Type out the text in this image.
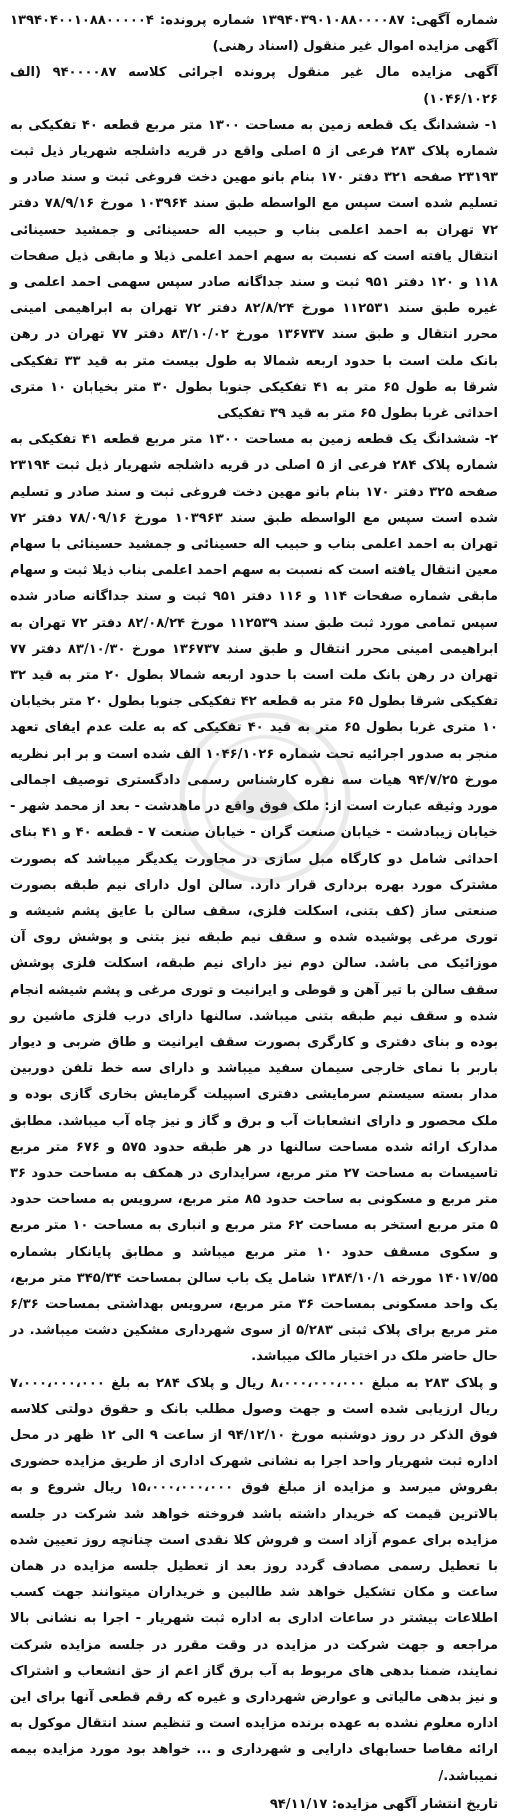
شماره آگهی: ۱۳۹۴۰۳۹۰۱۰۸۸۰۰۰۰۸۷ شماره پرونده: ۱۳۹۴۰۴۰۰۱۰۸۸۰۰۰۰۰۴ آگهی مزایده اموال غیر منقول (اسناد رهنی)
آگهی مزایده مال غیر منقول پرونده اجرائی کلاسه ۹۴۰۰۰۰۸۷ (الف ۱۰۴۶/۱۰۲۶)

۱- ششدانگ یک قطعه زمین به مساحت ۱۳۰۰ متر مربع قطعه ۴۰ تفکیکی به شماره پلاک ۲۸۳ فرعی از ۵ اصلی واقع در قریه داشلجه شهریار ذیل ثبت ۲۳۱۹۳ صفحه ۳۲۱ دفتر ۱۷۰ بنام بانو مهین دخت فروغی ثبت و سند صادر و تسلیم شده است سپس مع الواسطه طبق سند ۱۰۳۹۶۴ مورخ ۷۸/۹/۱۶ دفتر ۷۲ تهران به احمد اعلمی بناب و حبیب اله حسینائی و جمشید حسینائی انتقال یافته است که نسبت به سهم احمد اعلمی ذیلا و مابقی ذیل صفحات ۱۱۸ و ۱۲۰ دفتر ۹۵۱ ثبت و سند جداگانه صادر سپس سهمی احمد اعلمی و غیره طبق سند ۱۱۲۵۳۱ مورخ ۸۲/۸/۲۴ دفتر ۷۲ تهران به ابراهیمی امینی محرر انتقال و طبق سند ۱۳۶۷۳۷ مورخ ۸۳/۱۰/۰۲ دفتر ۷۷ تهران در رهن بانک ملت است با حدود اربعه شمالا به طول بیست متر به قید ۳۳ تفکیکی شرقا به طول ۶۵ متر به ۴۱ تفکیکی جنوبا بطول ۳۰ متر بخیابان ۱۰ متری احداثی غربا بطول ۶۵ متر به قید ۳۹ تفکیکی

۲- ششدانگ یک قطعه زمین به مساحت ۱۳۰۰ متر مربع قطعه ۴۱ تفکیکی به شماره پلاک ۲۸۴ فرعی از ۵ اصلی در قریه داشلجه شهریار ذیل ثبت ۲۳۱۹۴ صفحه ۳۲۵ دفتر ۱۷۰ بنام بانو مهین دخت فروغی ثبت و سند صادر و تسلیم شده است سپس مع الواسطه طبق سند ۱۰۳۹۶۳ مورخ ۷۸/۰۹/۱۶ دفتر ۷۲ تهران به احمد اعلمی بناب و حبیب اله حسینائی و جمشید حسینائی با سهام معین انتقال یافته است که نسبت به سهم احمد اعلمی بناب ذیلا ثبت و سهام مابقی شماره صفحات ۱۱۴ و ۱۱۶ دفتر ۹۵۱ ثبت و سند جداگانه صادر شده سپس تمامی مورد ثبت طبق سند ۱۱۲۵۳۹ مورخ ۸۲/۰۸/۲۴ دفتر ۷۲ تهران به ابراهیمی امینی محرر انتقال و طبق سند ۱۳۶۷۳۷ مورخ ۸۳/۱۰/۳۰ دفتر ۷۷ تهران در رهن بانک ملت است با حدود اربعه شمالا بطول ۲۰ متر به قید ۳۲ تفکیکی شرقا بطول ۶۵ متر به قطعه ۴۲ تفکیکی جنوبا بطول ۲۰ متر بخیابان ۱۰ متری غربا بطول ۶۵ متر به قید ۴۰ تفکیکی که به علت عدم ایفای تعهد منجر به صدور اجرائیه تحت شماره ۱۰۴۶/۱۰۲۶ الف شده است و بر ابر نظریه مورخ ۹۴/۷/۲۵ هیات سه نفره کارشناس رسمی دادگستری توصیف اجمالی مورد وثیقه عبارت است از: ملک فوق واقع در ماهدشت - بعد از محمد شهر - خیابان زیبادشت - خیابان صنعت گران - خیابان صنعت ۷ - قطعه ۴۰ و ۴۱ بنای احداثی شامل دو کارگاه مبل سازی در مجاورت یکدیگر میباشد که بصورت مشترک مورد بهره برداری قرار دارد. سالن اول دارای نیم طبقه بصورت صنعتی ساز (کف بتنی، اسکلت فلزی، سقف سالن با عایق پشم شیشه و توری مرغی پوشیده شده و سقف نیم طبقه نیز بتنی و پوشش روی آن موزائیک می باشد. سالن دوم نیز دارای نیم طبقه، اسکلت فلزی پوشش سقف سالن با تیر آهن و قوطی و ایرانیت و توری مرغی و پشم شیشه انجام شده و سقف نیم طبقه بتنی میباشد. سالنها دارای درب فلزی ماشین رو بوده و بنای دفتری و کارگری بصورت سقف ایرانیت و طاق ضربی و دیوار باربر با نمای خارجی سیمان سفید میباشد و دارای سه خط تلفن دوربین مدار بسته سیستم سرمایشی دفتری اسپیلت گرمایش بخاری گازی بوده و ملک محصور و دارای انشعابات آب و برق و گاز و نیز چاه آب میباشد. مطابق مدارک ارائه شده مساحت سالنها در هر طبقه حدود ۵۷۵ و ۶۷۶ متر مربع تاسیسات به مساحت ۲۷ متر مربع، سرایداری در همکف به مساحت حدود ۳۶ متر مربع و مسکونی به ساحت حدود ۸۵ متر مربع، سرویس به مساحت حدود ۵ متر مربع استخر به مساحت ۶۲ متر مربع و انباری به مساحت ۱۰ متر مربع و سکوی مسقف حدود ۱۰ متر مربع میباشد و مطابق پایانکار بشماره ۱۴۰۱۷/۵۵ مورخه ۱۳۸۴/۱۰/۱ شامل یک باب سالن بمساحت ۳۴۵/۳۴ متر مربع، یک واحد مسکونی بمساحت ۳۶ متر مربع، سرویس بهداشتی بمساحت ۶/۳۶ متر مربع برای پلاک ثبتی ۵/۲۸۳ از سوی شهرداری مشکین دشت میباشد. در حال حاضر ملک در اختیار مالک میباشد.

و پلاک ۲۸۳ به مبلغ ۸،۰۰۰،۰۰۰،۰۰۰ ریال و پلاک ۲۸۴ به بلغ ۷،۰۰۰،۰۰۰،۰۰۰ ریال ارزیابی شده است و جهت وصول مطلب بانک و حقوق دولتی کلاسه فوق الذکر در روز دوشنبه مورخ ۹۴/۱۲/۱۰ از ساعت ۹ الی ۱۲ ظهر در محل اداره ثبت شهریار واحد اجرا به نشانی شهرک اداری از طریق مزایده حضوری بفروش میرسد و مزایده از مبلغ فوق ۱۵،۰۰۰،۰۰۰،۰۰۰ ریال شروع و به بالاترین قیمت که خریدار داشته باشد فروخته خواهد شد شرکت در جلسه مزایده برای عموم آزاد است و فروش کلا نقدی است چنانچه روز تعیین شده با تعطیل رسمی مصادف گردد روز بعد از تعطیل جلسه مزایده در همان ساعت و مکان تشکیل خواهد شد طالبین و خریداران میتوانند جهت کسب اطلاعات بیشتر در ساعات اداری به اداره ثبت شهریار - اجرا به نشانی بالا مراجعه و جهت شرکت در مزایده در وقت مقرر در جلسه مزایده شرکت نمایند، ضمنا بدهی های مربوط به آب برق گاز اعم از حق انشعاب و اشتراک و نیز بدهی مالیاتی و عوارض شهرداری و غیره که رقم قطعی آنها برای این اداره معلوم نشده به عهده برنده مزایده است و تنظیم سند انتقال موکول به ارائه مفاصا حسابهای دارایی و شهرداری و ... خواهد بود مورد مزایده بیمه نمیباشد./

تاریخ انتشار آگهی مزایده: ۹۴/۱۱/۱۷
